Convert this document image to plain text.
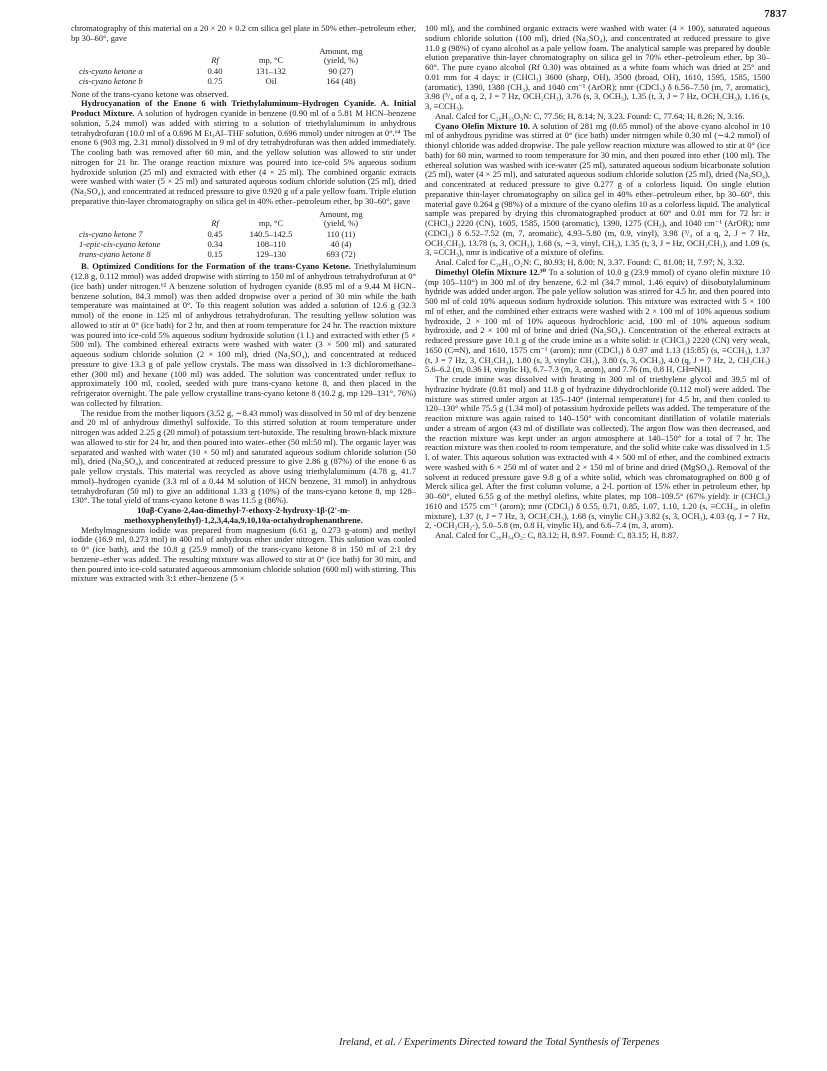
7837

chromatography of this material on a 20 × 20 × 0.2 cm silica gel plate in 50% ether–petroleum ether, bp 30–60°, gave

	Rf	mp, °C	Amount, mg (yield, %)
cis-cyano ketone a	0.40	131–132	90 (27)
cis-cyano ketone b	0.75	Oil	164 (48)

None of the trans-cyano ketone was observed.

Hydrocyanation of the Enone 6 with Triethylaluminum–Hydrogen Cyanide. A. Initial Product Mixture. A solution of hydrogen cyanide in benzene (0.90 ml of a 5.81 M HCN–benzene solution, 5.24 mmol) was added with stirring to a solution of triethylaluminum in anhydrous tetrahydrofuran (10.0 ml of a 0.696 M Et₃Al–THF solution, 0.696 mmol) under nitrogen at 0°.⁶⁴ The enone 6 (903 mg, 2.31 mmol) dissolved in 9 ml of dry tetrahydrofuran was then added immediately. The cooling bath was removed after 60 min, and the yellow solution was allowed to stir under nitrogen for 21 hr. The orange reaction mixture was poured into ice-cold 5% aqueous sodium hydroxide solution (25 ml) and extracted with ether (4 × 25 ml). The combined organic extracts were washed with water (5 × 25 ml) and saturated aqueous sodium chloride solution (25 ml), dried (Na₂SO₄), and concentrated at reduced pressure to give 0.920 g of a pale yellow foam. Triple elution preparative thin-layer chromatography on silica gel in 40% ether–petroleum ether, bp 30–60°, gave

	Rf	mp, °C	Amount, mg (yield, %)
cis-cyano ketone 7	0.45	140.5–142.5	110 (11)
1-epic-cis-cyano ketone	0.34	108–110	40 (4)
trans-cyano ketone 8	0.15	129–130	693 (72)

B. Optimized Conditions for the Formation of the trans-Cyano Ketone. Triethylaluminum (12.8 g, 0.112 mmol) was added dropwise with stirring to 150 ml of anhydrous tetrahydrofuran at 0° (ice bath) under nitrogen.⁶² A benzene solution of hydrogen cyanide (8.95 ml of a 9.44 M HCN–benzene solution, 84.3 mmol) was then added dropwise over a period of 30 min while the bath temperature was maintained at 0°. To this reagent solution was added a solution of 12.6 g (32.3 mmol) of the enone in 125 ml of anhydrous tetrahydrofuran. The resulting yellow solution was allowed to stir at 0° (ice bath) for 2 hr, and then at room temperature for 24 hr. The reaction mixture was poured into ice-cold 5% aqueous sodium hydroxide solution (1 l.) and extracted with ether (5 × 500 ml). The combined ethereal extracts were washed with water (3 × 500 ml) and saturated aqueous sodium chloride solution (2 × 100 ml), dried (Na₂SO₄), and concentrated at reduced pressure to give 13.3 g of pale yellow crystals. The mass was dissolved in 1:3 dichloromethane–ether (300 ml) and hexane (100 ml) was added. The solution was concentrated under reflux to approximately 100 ml, cooled, seeded with pure trans-cyano ketone 8, and then placed in the refrigerator overnight. The pale yellow crystalline trans-cyano ketone 8 (10.2 g, mp 129–131°, 76%) was collected by filtration.

The residue from the mother liquors (3.52 g, ∼8.43 mmol) was dissolved in 50 ml of dry benzene and 20 ml of anhydrous dimethyl sulfoxide. To this stirred solution at room temperature under nitrogen was added 2.25 g (20 mmol) of potassium tert-butoxide. The resulting brown-black mixture was allowed to stir for 24 hr, and then poured into water–ether (50 ml:50 ml). The organic layer was separated and washed with water (10 × 50 ml) and saturated aqueous sodium chloride solution (50 ml), dried (Na₂SO₄), and concentrated at reduced pressure to give 2.86 g (87%) of the enone 6 as pale yellow crystals. This material was recycled as above using triethylaluminum (4.78 g, 41.7 mmol)–hydrogen cyanide (3.3 ml of a 0.44 M solution of HCN benzene, 31 mmol) in anhydrous tetrahydrofuran (50 ml) to give an additional 1.33 g (10%) of the trans-cyano ketone 8, mp 128–130°. The total yield of trans-cyano ketone 8 was 11.5 g (86%).

10aβ-Cyano-2,4aα-dimethyl-7-ethoxy-2-hydroxy-1β-(2′-m-methoxyphenylethyl)-1,2,3,4,4a,9,10,10a-octahydrophenanthrene.

Methylmagnesium iodide was prepared from magnesium (6.61 g, 0.273 g-atom) and methyl iodide (16.9 ml, 0.273 mol) in 400 ml of anhydrous ether under nitrogen. This solution was cooled to 0° (ice bath), and the 10.8 g (25.9 mmol) of the trans-cyano ketone 8 in 150 ml of 2:1 dry benzene–ether was added. The resulting mixture was allowed to stir at 0° (ice bath) for 30 min, and then poured into ice-cold saturated aqueous ammonium chloride solution (600 ml) with stirring. This mixture was extracted with 3:1 ether–benzene (5 ×

100 ml), and the combined organic extracts were washed with water (4 × 100), saturated aqueous sodium chloride solution (100 ml), dried (Na₂SO₄), and concentrated at reduced pressure to give 11.0 g (98%) of cyano alcohol as a pale yellow foam. The analytical sample was prepared by double elution preparative thin-layer chromatography on silica gel in 70% ether–petroleum ether, bp 30–60°. The pure cyano alcohol (Rf 0.30) was obtained as a white foam which was dried at 25° and 0.01 mm for 4 days: ir (CHCl₃) 3600 (sharp, OH), 3500 (broad, OH), 1610, 1595, 1585, 1500 (aromatic), 1390, 1380 (CH₃), and 1040 cm⁻¹ (ArOR); nmr (CDCl₃) δ 6.56–7.50 (m, 7, aromatic), 3.98 (³/₄ of a q, 2, J = 7 Hz, OCH₂CH₃), 3.76 (s, 3, OCH₃), 1.35 (t, 3, J = 7 Hz, OCH₂CH₃), 1.16 (s, 3, ≡CCH₃).

Anal. Calcd for C₂₈H₃₃O₃N: C, 77.56; H, 8.14; N, 3.23. Found: C, 77.64; H, 8.26; N, 3.16.

Cyano Olefin Mixture 10. A solution of 281 mg (0.65 mmol) of the above cyano alcohol in 10 ml of anhydrous pyridine was stirred at 0° (ice bath) under nitrogen while 0.30 ml (∼4.2 mmol) of thionyl chloride was added dropwise. The pale yellow reaction mixture was allowed to stir at 0° (ice bath) for 60 min, warmed to room temperature for 30 min, and then poured into ether (100 ml). The ethereal solution was washed with ice-water (25 ml), saturated aqueous sodium bicarbonate solution (25 ml), water (4 × 25 ml), and saturated aqueous sodium chloride solution (25 ml), dried (Na₂SO₄), and concentrated at reduced pressure to give 0.277 g of a colorless liquid. On single elution preparative thin-layer chromatography on silica gel in 40% ether–petroleum ether, bp 30–60°, this material gave 0.264 g (98%) of a mixture of the cyano olefins 10 as a colorless liquid. The analytical sample was prepared by drying this chromatographed product at 60° and 0.01 mm for 72 hr: ir (CHCl₃) 2220 (CN), 1605, 1585, 1500 (aromatic), 1390, 1275 (CH₃), and 1040 cm⁻¹ (ArOR); nmr (CDCl₃) δ 6.52–7.52 (m, 7, aromatic), 4.93–5.80 (m, 0.9, vinyl), 3.98 (³/₄ of a q, 2, J = 7 Hz, OCH₂CH₃), 13.78 (s, 3, OCH₃), 1.68 (s, ∼3, vinyl, CH₃), 1.35 (t, 3, J = Hz, OCH₂CH₃), and 1.09 (s, 3, ≡CCH₃), nmr is indicative of a mixture of olefins.

Anal. Calcd for C₂₈H₃₁O₂N: C, 80.93; H, 8.00; N, 3.37. Found: C, 81.08; H, 7.97; N, 3.32.

Dimethyl Olefin Mixture 12.³⁰ To a solution of 10.0 g (23.9 mmol) of cyano olefin mixture 10 (mp 105–110°) in 300 ml of dry benzene, 6.2 ml (34.7 mmol, 1.46 equiv) of diisobutylaluminum hydride was added under argon. The pale yellow solution was stirred for 4.5 hr, and then poured into 500 ml of cold 10% aqueous sodium hydroxide solution. This mixture was extracted with 5 × 100 ml of ether, and the combined ether extracts were washed with 2 × 100 ml of 10% aqueous sodium hydroxide, 2 × 100 ml of 10% aqueous hydrochloric acid, 100 ml of 10% aqueous sodium hydroxide, and 2 × 100 ml of brine and dried (Na₂SO₄). Concentration of the ethereal extracts at reduced pressure gave 10.1 g of the crude imine as a white solid: ir (CHCl₃) 2220 (CN) very weak, 1650 (C═N), and 1610, 1575 cm⁻¹ (arom); nmr (CDCl₃) δ 0.97 and 1.13 (15:85) (s, ≡CCH₃), 1.37 (t, J = 7 Hz, 3, CH₂CH₃), 1.80 (s, 3, vinylic CH₃), 3.80 (s, 3, OCH₃), 4.0 (q, J = 7 Hz, 2, CH₂CH₃) 5.6–6.2 (m, 0.36 H, vinylic H), 6.7–7.3 (m, 3, arom), and 7.76 (m, 0.8 H, CH═NH).

The crude imine was dissolved with heating in 300 ml of triethylene glycol and 39.5 ml of hydrazine hydrate (0.81 mol) and 11.8 g of hydrazine dihydrochloride (0.112 mol) were added. The mixture was stirred under argon at 135–140° (internal temperature) for 4.5 hr, and then cooled to 120–130° while 75.5 g (1.34 mol) of potassium hydroxide pellets was added. The temperature of the reaction mixture was again raised to 140–150° with concomitant distillation of volatile materials under a stream of argon (43 ml of distillate was collected). The argon flow was then decreased, and the reaction mixture was kept under an argon atmosphere at 140–150° for a total of 7 hr. The reaction mixture was then cooled to room temperature, and the solid white cake was dissolved in 1.5 l. of water. This aqueous solution was extracted with 4 × 500 ml of ether, and the combined extracts were washed with 6 × 250 ml of water and 2 × 150 ml of brine and dried (MgSO₄). Removal of the solvent at reduced pressure gave 9.8 g of a white solid, which was chromatographed on 800 g of Merck silica gel. After the first column volume, a 2-l. portion of 15% ether in petroleum ether, bp 30–60°, eluted 6.55 g of the methyl olefins, white plates, mp 108–109.5° (67% yield): ir (CHCl₃) 1610 and 1575 cm⁻¹ (arom); nmr (CDCl₃) δ 0.55, 0.71, 0.85, 1.07, 1.10, 1.20 (s, ≡CCH₃, in olefin mixture), 1.37 (t, J = 7 Hz, 3, OCH₂CH₃), 1.68 (s, vinylic CH₃) 3.82 (s, 3, OCH₃), 4.03 (q, J = 7 Hz, 2, -OCH₂CH₂-), 5.0–5.8 (m, 0.8 H, vinylic H), and 6.6–7.4 (m, 3, arom).

Anal. Calcd for C₂₆H₃₄O₂: C, 83.12; H, 8.97. Found: C, 83.15; H, 8.87.

Ireland, et al. / Experiments Directed toward the Total Synthesis of Terpenes
